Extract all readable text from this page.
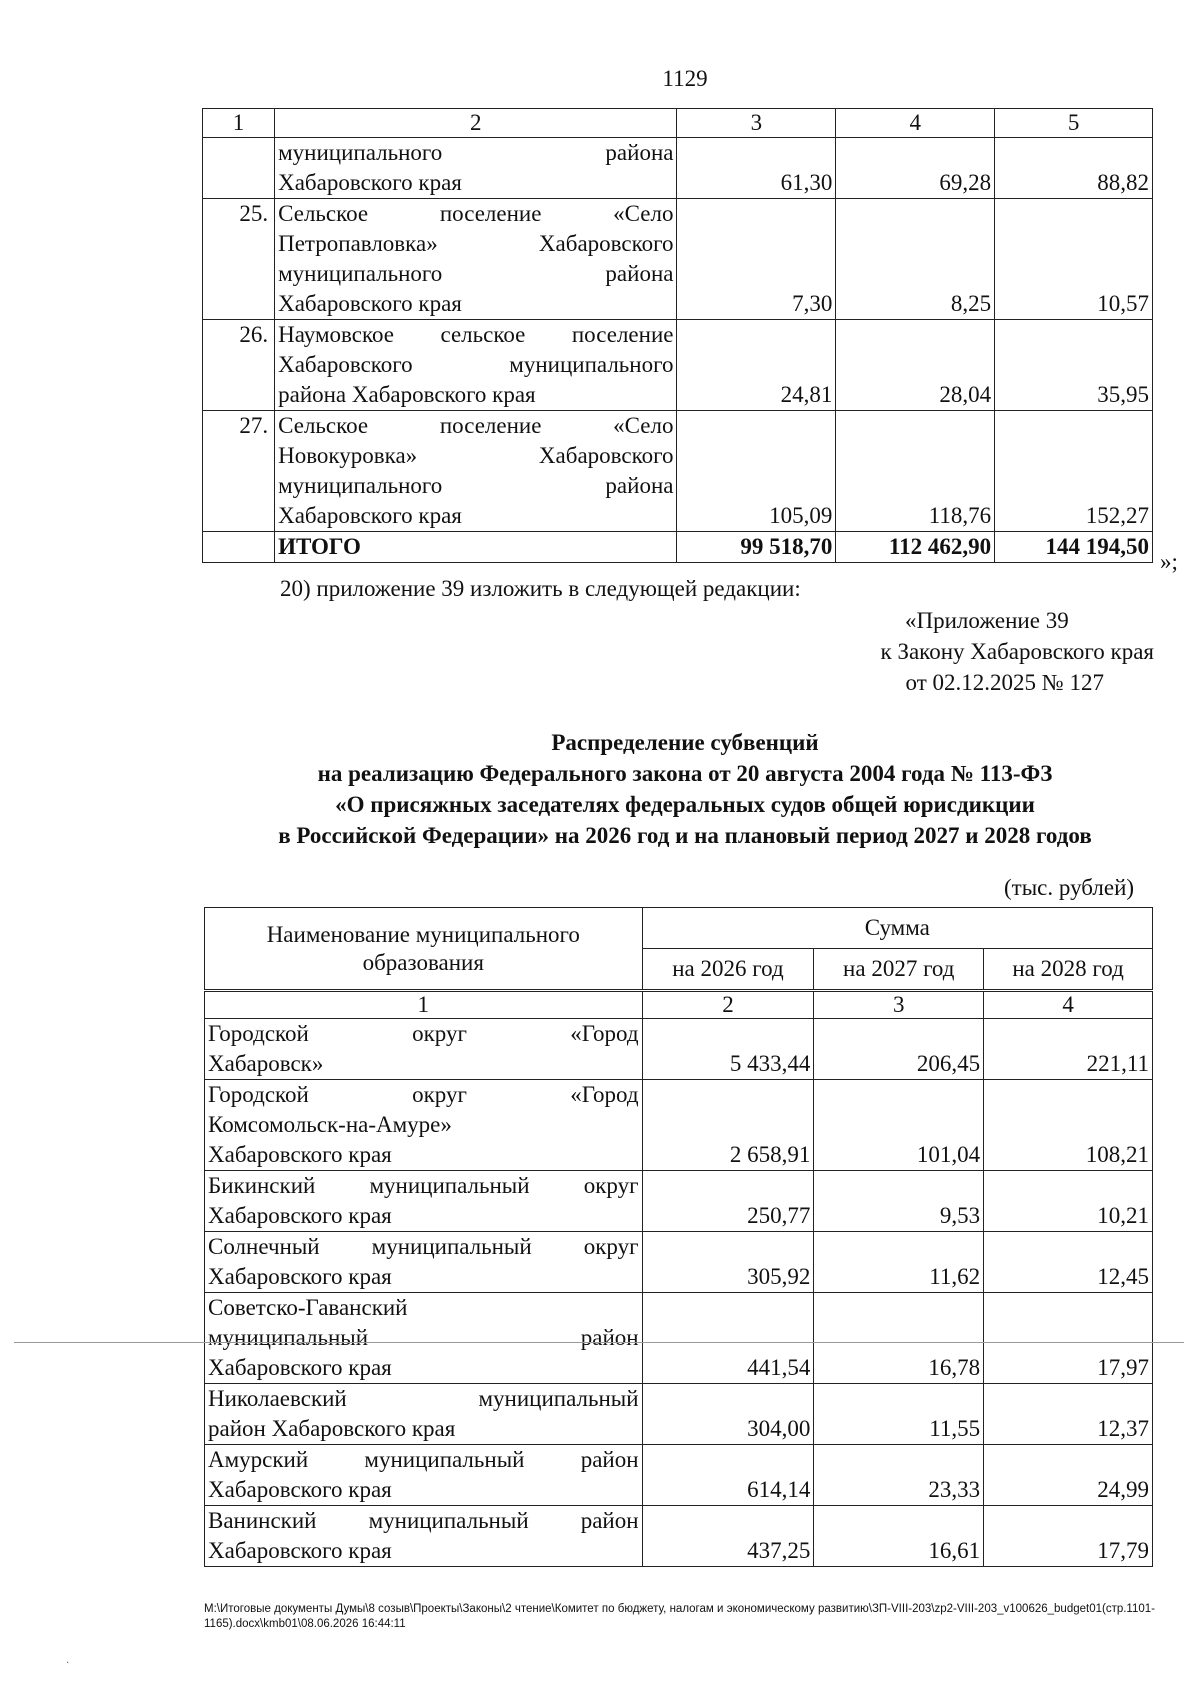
1129
1	2	3	4	5

	муниципального района
Хабаровского края	61,30	69,28	88,82
25.	Сельское поселение «Село
Петропавловка» Хабаровского
муниципального района
Хабаровского края	7,30	8,25	10,57
26.	Наумовское сельское поселение
Хабаровского муниципального
района Хабаровского края	24,81	28,04	35,95
27.	Сельское поселение «Село
Новокуровка» Хабаровского
муниципального района
Хабаровского края	105,09	118,76	152,27
	ИТОГО	99 518,70	112 462,90	144 194,50
»;
20) приложение 39 изложить в следующей редакции:
«Приложение 39
к Закону Хабаровского края
от 02.12.2025 № 127
Распределение субвенций
на реализацию Федерального закона от 20 августа 2004 года № 113-ФЗ
«О присяжных заседателях федеральных судов общей юрисдикции
в Российской Федерации» на 2026 год и на плановый период 2027 и 2028 годов
(тыс. рублей)
Наименование муниципального образования	Сумма		
	на 2026 год	на 2027 год	на 2028 год
1	2	3	4

Городской округ «Город
Хабаровск»	5 433,44	206,45	221,11

Городской округ «Город
Комсомольск-на-Амуре»
Хабаровского края	2 658,91	101,04	108,21

Бикинский муниципальный округ
Хабаровского края	250,77	9,53	10,21

Солнечный муниципальный округ
Хабаровского края	305,92	11,62	12,45

Советско-Гаванский
муниципальный район
Хабаровского края	441,54	16,78	17,97

Николаевский муниципальный
район Хабаровского края	304,00	11,55	12,37

Амурский муниципальный район
Хабаровского края	614,14	23,33	24,99

Ванинский муниципальный район
Хабаровского края	437,25	16,61	17,79
M:\Итоговые документы Думы\8 созыв\Проекты\Законы\2 чтение\Комитет по бюджету, налогам и экономическому развитию\ЗП-VIII-203\zp2-VIII-203_v100626_budget01(стр.1101-1165).docx\kmb01\08.06.2026 16:44:11
·
